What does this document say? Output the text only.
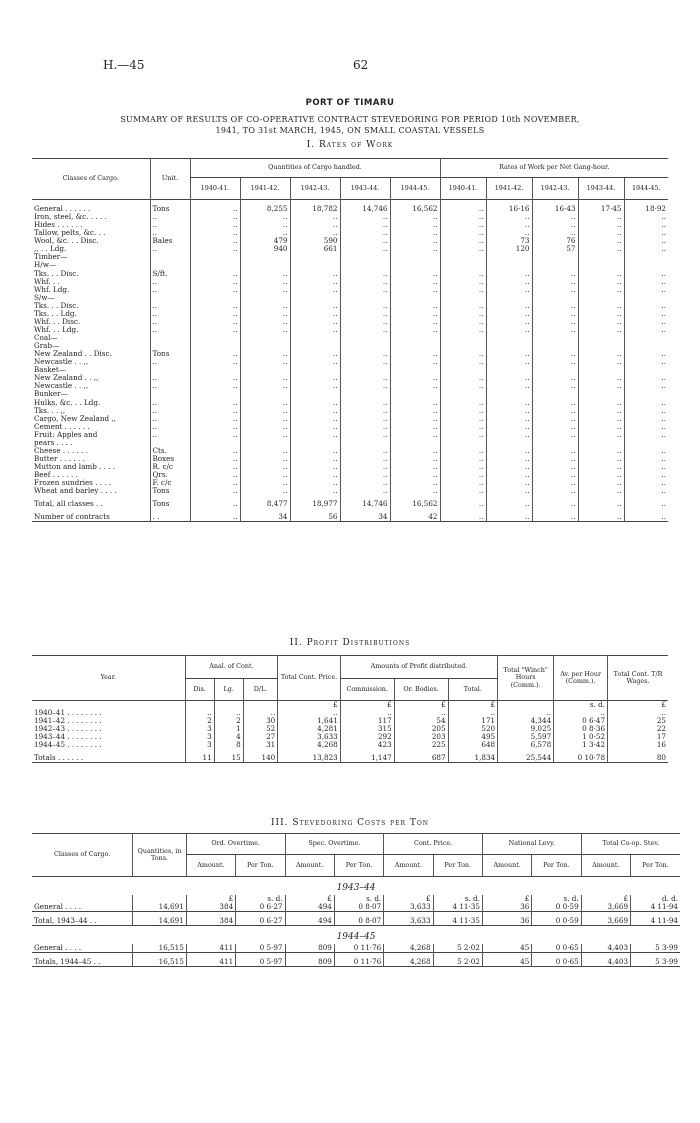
H.—45	62
PORT OF TIMARU
SUMMARY OF RESULTS OF CO-OPERATIVE CONTRACT STEVEDORING FOR PERIOD 10th NOVEMBER,
1941, TO 31st MARCH, 1945, ON SMALL COASTAL VESSELS
I. Rates of Work
Classes of Cargo.	Unit.	Quantities of Cargo handled.					Rates of Work per Net Gang-hour.				
		1940-41.	1941-42.	1942-43.	1943-44.	1944-45.	1940-41.	1941-42.	1942-43.	1943-44.	1944-45.

General . . . . . .	Tons	..	8,255	18,782	14,746	16,562	..	16·16	16·43	17·45	18·92
Iron, steel, &c. . . . .	..	..	..	..	..	..	..	..	..	..	..
Hides . . . . . .	..	..	..	..	..	..	..	..	..	..	..
Tallow, pelts, &c. . .	..	..	..	..	..	..	..	..	..	..	..
Wool, &c. . . Disc.	Bales	..	479	590	..	..	..	73	76	..	..
,, . . Ldg.	..	..	940	661	..	..	..	120	57	..	..
Timber—											
H/w—											
Tks. . . Disc.	S/ft.	..	..	..	..	..	..	..	..	..	..
Whf. . .	..	..	..	..	..	..	..	..	..	..	..
Whf. Ldg.	..	..	..	..	..	..	..	..	..	..	..
S/w—											
Tks. . . Disc.	..	..	..	..	..	..	..	..	..	..	..
Tks. . . Ldg.	..	..	..	..	..	..	..	..	..	..	..
Whf. . . Disc.	..	..	..	..	..	..	..	..	..	..	..
Whf. . . Ldg.	..	..	..	..	..	..	..	..	..	..	..
Coal—											
Grab—											
New Zealand . . Disc.	Tons	..	..	..	..	..	..	..	..	..	..
Newcastle . . ,,	..	..	..	..	..	..	..	..	..	..	..
Basket—											
New Zealand . . ,,	..	..	..	..	..	..	..	..	..	..	..
Newcastle . . ,,	..	..	..	..	..	..	..	..	..	..	..
Bunker—											
Hulks, &c. . . Ldg.	..	..	..	..	..	..	..	..	..	..	..
Tks. . . ,,	..	..	..	..	..	..	..	..	..	..	..
Cargo, New Zealand ,,	..	..	..	..	..	..	..	..	..	..	..
Cement . . . . . .	..	..	..	..	..	..	..	..	..	..	..
Fruit: Apples and	..	..	..	..	..	..	..	..	..	..	..
pears . . . .											
Cheese . . . . . .	Cts.	..	..	..	..	..	..	..	..	..	..
Butter . . . . . .	Boxes	..	..	..	..	..	..	..	..	..	..
Mutton and lamb . . . .	R. c/c	..	..	..	..	..	..	..	..	..	..
Beef . . . . . .	Qrs.	..	..	..	..	..	..	..	..	..	..
Frozen sundries . . . .	F. c/c	..	..	..	..	..	..	..	..	..	..
Wheat and barley . . . .	Tons	..	..	..	..	..	..	..	..	..	..

Total, all classes . .	Tons	..	8,477	18,977	14,746	16,562	..	..	..	..	..

Number of contracts	. .	..	34	56	34	42	..	..	..	..	..
II. Profit Distributions
Year.	Anal. of Cont.			Total Cont. Price.	Amounts of Profit distributed.			Total "Winch" Hours (Comm.).	Av. per Hour (Comm.).	Total Cont. T/R Wages.
	Dis.	Lg.	D/L.		Commission.	Or. Bodies.	Total.			

				£	£	£	£		s. d.	£
1940–41 . . . . . . . .	..	..	..	..	..	..	..	..	..	..
1941–42 . . . . . . . .	2	2	30	1,641	117	54	171	4,344	0 6·47	25
1942–43 . . . . . . . .	3	1	52	4,281	315	205	520	9,025	0 8·36	22
1943–44 . . . . . . . .	3	4	27	3,633	292	203	495	5,597	1 0·52	17
1944–45 . . . . . . . .	3	8	31	4,268	423	225	648	6,578	1 3·42	16

Totals . . . . . .	11	15	140	13,823	1,147	687	1,834	25,544	0 10·78	80
III. Stevedoring Costs per Ton
Classes of Cargo.	Quantities, in Tons.	Ord. Overtime.		Spec. Overtime.		Cont. Price.		National Levy.		Total Co-op. Stev.	
		Amount.	Per Ton.	Amount.	Per Ton.	Amount.	Per Ton.	Amount.	Per Ton.	Amount.	Per Ton.
1943–44											
		£	s. d.	£	s. d.	£	s. d.	£	s. d.	£	d. d.
General . . . .	14,691	384	0 6·27	494	0 8·07	3,633	4 11·35	36	0 0·59	3,669	4 11·94

Total, 1943–44 . .	14,691	384	0 6·27	494	0 8·07	3,633	4 11·35	36	0 0·59	3,669	4 11·94
1944–45											
General . . . .	16,515	411	0 5·97	809	0 11·76	4,268	5 2·02	45	0 0·65	4,403	5 3·99

Totals, 1944–45 . .	16,515	411	0 5·97	809	0 11·76	4,268	5 2·02	45	0 0·65	4,403	5 3·99
